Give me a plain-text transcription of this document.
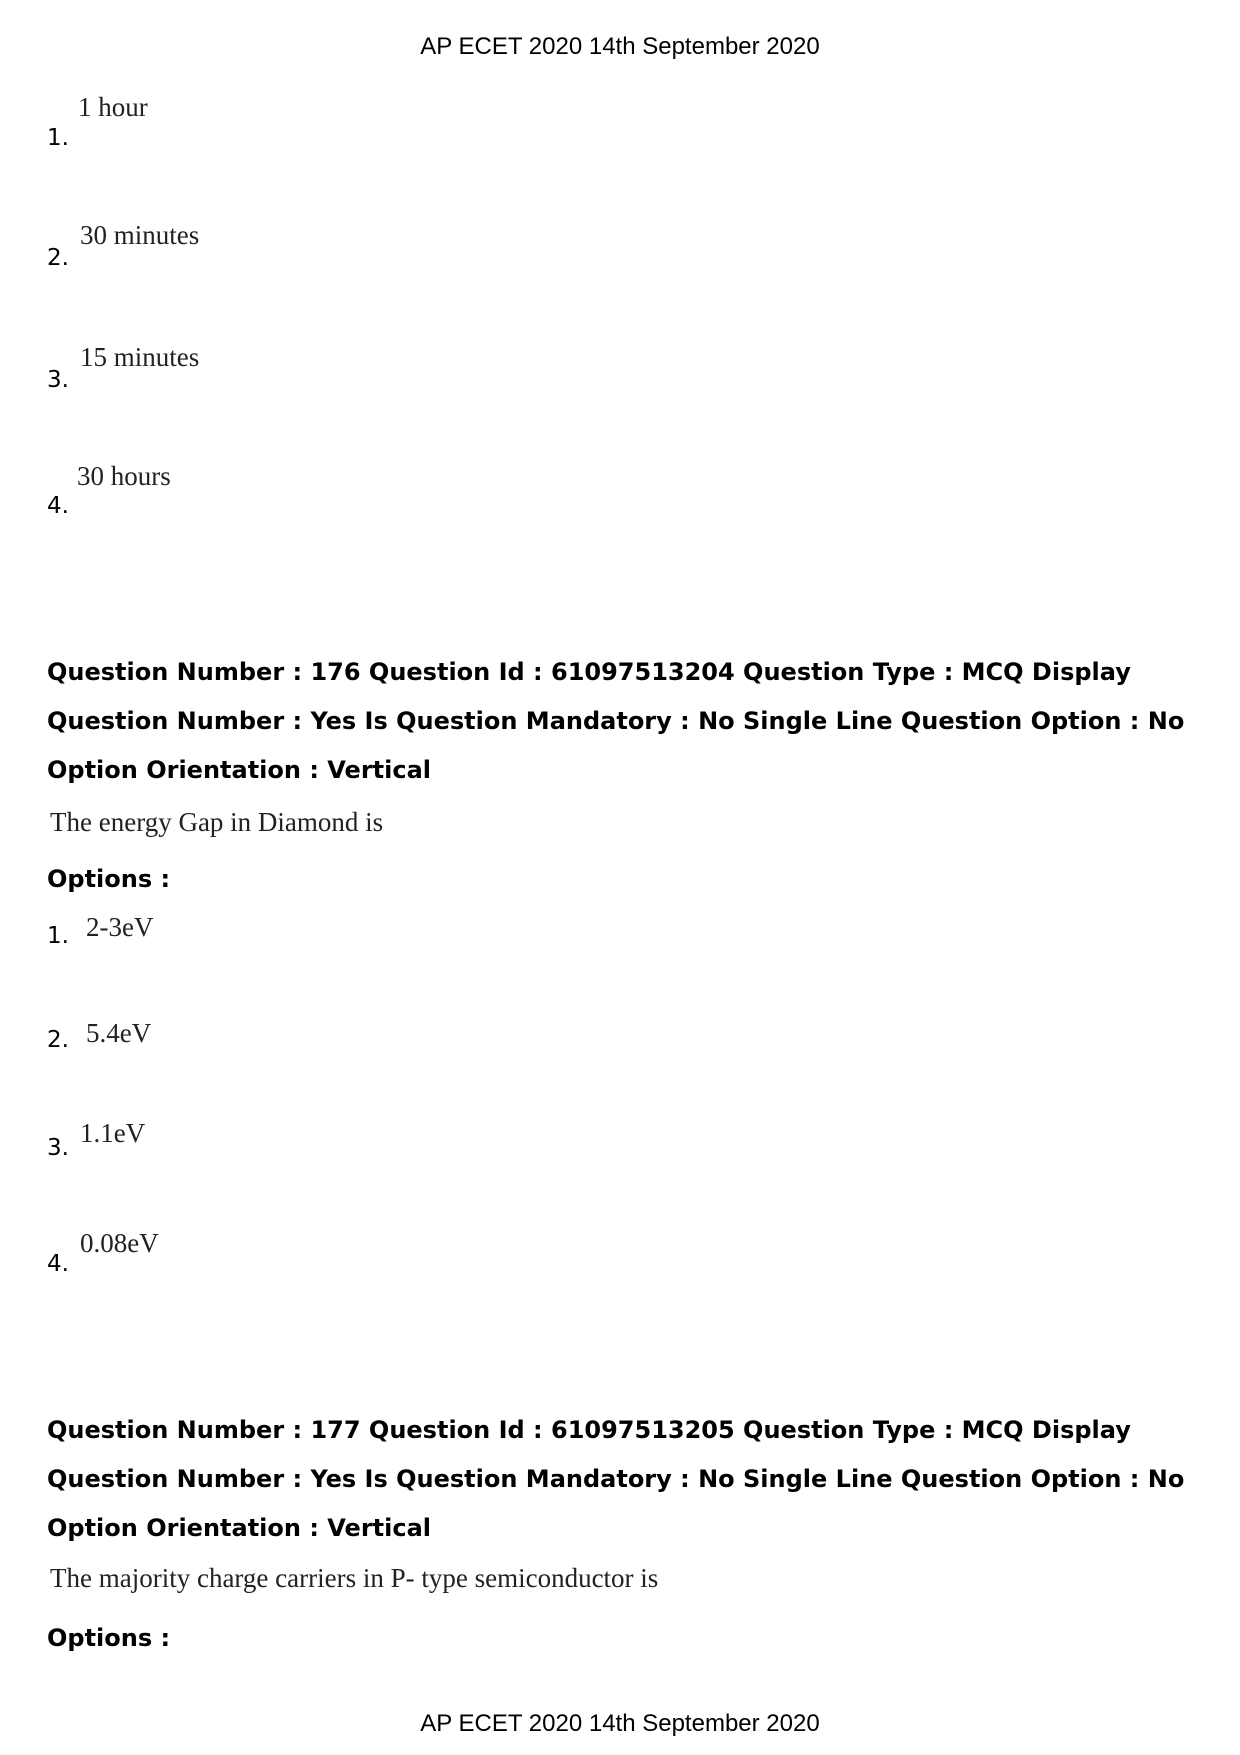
AP ECET 2020 14th September 2020
1 hour
1.
30 minutes
2.
15 minutes
3.
30 hours
4.
Question Number : 176 Question Id : 61097513204 Question Type : MCQ Display Question Number : Yes Is Question Mandatory : No Single Line Question Option : No Option Orientation : Vertical
The energy Gap in Diamond is
Options :
1. 2-3eV
2. 5.4eV
3. 1.1eV
4.
0.08eV
Question Number : 177 Question Id : 61097513205 Question Type : MCQ Display Question Number : Yes Is Question Mandatory : No Single Line Question Option : No Option Orientation : Vertical
The majority charge carriers in P- type semiconductor is
Options :
AP ECET 2020 14th September 2020
